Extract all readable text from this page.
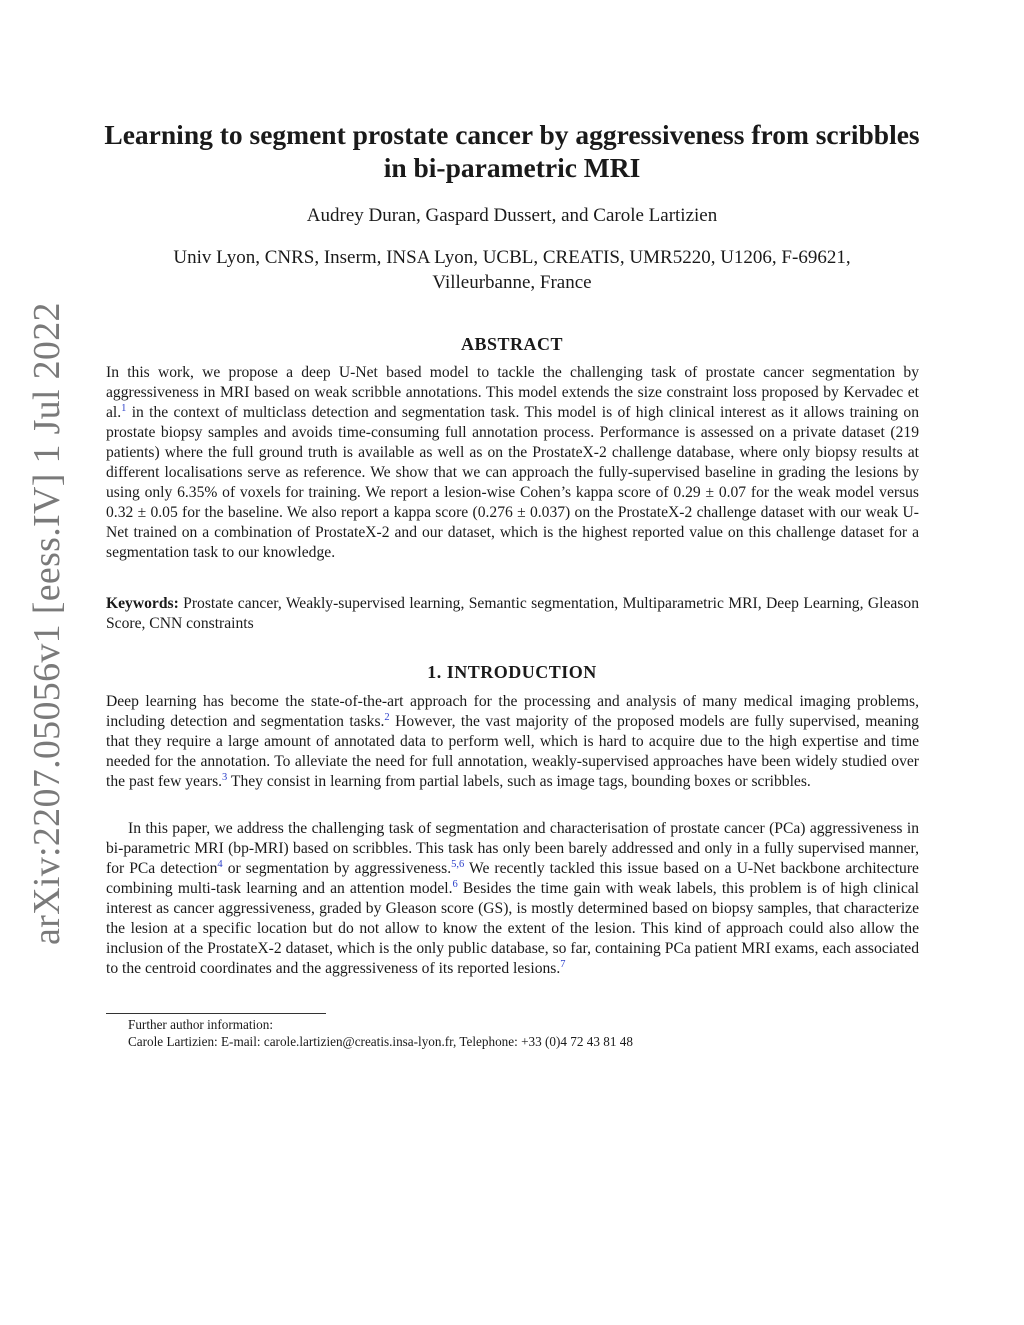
arXiv:2207.05056v1 [eess.IV] 1 Jul 2022
Learning to segment prostate cancer by aggressiveness from scribbles in bi-parametric MRI
Audrey Duran, Gaspard Dussert, and Carole Lartizien
Univ Lyon, CNRS, Inserm, INSA Lyon, UCBL, CREATIS, UMR5220, U1206, F-69621, Villeurbanne, France
ABSTRACT

In this work, we propose a deep U-Net based model to tackle the challenging task of prostate cancer segmentation by aggressiveness in MRI based on weak scribble annotations. This model extends the size constraint loss proposed by Kervadec et al.$^1$ in the context of multiclass detection and segmentation task. This model is of high clinical interest as it allows training on prostate biopsy samples and avoids time-consuming full annotation process. Performance is assessed on a private dataset (219 patients) where the full ground truth is available as well as on the ProstateX-2 challenge database, where only biopsy results at different localisations serve as reference. We show that we can approach the fully-supervised baseline in grading the lesions by using only 6.35% of voxels for training. We report a lesion-wise Cohen’s kappa score of 0.29 ± 0.07 for the weak model versus 0.32 ± 0.05 for the baseline. We also report a kappa score (0.276 ± 0.037) on the ProstateX-2 challenge dataset with our weak U-Net trained on a combination of ProstateX-2 and our dataset, which is the highest reported value on this challenge dataset for a segmentation task to our knowledge.

Keywords: Prostate cancer, Weakly-supervised learning, Semantic segmentation, Multiparametric MRI, Deep Learning, Gleason Score, CNN constraints

1. INTRODUCTION

Deep learning has become the state-of-the-art approach for the processing and analysis of many medical imaging problems, including detection and segmentation tasks.$^2$ However, the vast majority of the proposed models are fully supervised, meaning that they require a large amount of annotated data to perform well, which is hard to acquire due to the high expertise and time needed for the annotation. To alleviate the need for full annotation, weakly-supervised approaches have been widely studied over the past few years.$^3$ They consist in learning from partial labels, such as image tags, bounding boxes or scribbles.

In this paper, we address the challenging task of segmentation and characterisation of prostate cancer (PCa) aggressiveness in bi-parametric MRI (bp-MRI) based on scribbles. This task has only been barely addressed and only in a fully supervised manner, for PCa detection$^4$ or segmentation by aggressiveness.$^{5,6}$ We recently tackled this issue based on a U-Net backbone architecture combining multi-task learning and an attention model.$^6$ Besides the time gain with weak labels, this problem is of high clinical interest as cancer aggressiveness, graded by Gleason score (GS), is mostly determined based on biopsy samples, that characterize the lesion at a specific location but do not allow to know the extent of the lesion. This kind of approach could also allow the inclusion of the ProstateX-2 dataset, which is the only public database, so far, containing PCa patient MRI exams, each associated to the centroid coordinates and the aggressiveness of its reported lesions.$^7$

Further author information:
Carole Lartizien: E-mail: carole.lartizien@creatis.insa-lyon.fr, Telephone: +33 (0)4 72 43 81 48
